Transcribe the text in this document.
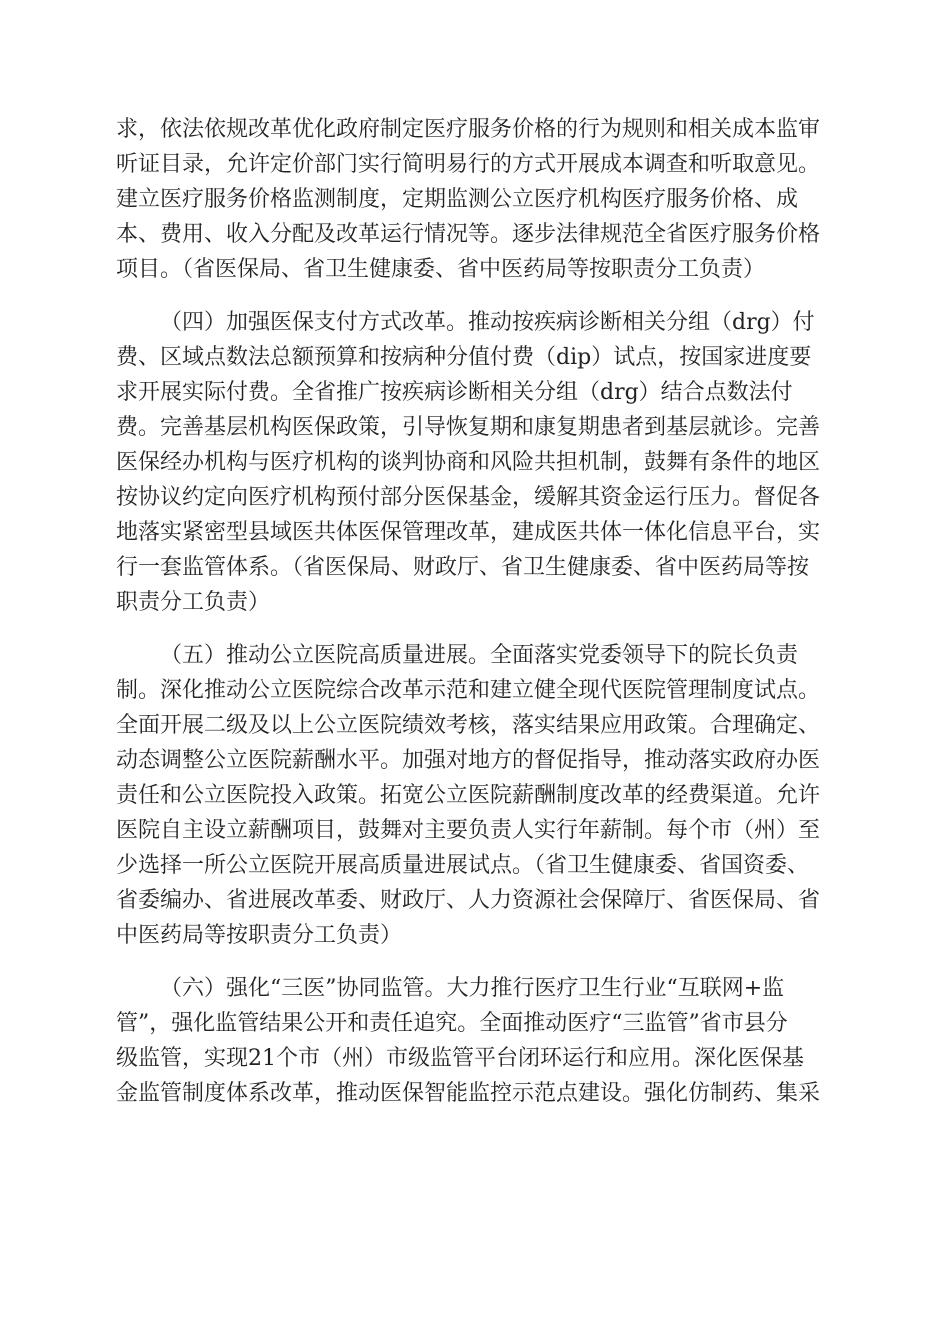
求，依法依规改革优化政府制定医疗服务价格的行为规则和相关成本监审
听证目录，允许定价部门实行简明易行的方式开展成本调查和听取意见。
建立医疗服务价格监测制度，定期监测公立医疗机构医疗服务价格、成
本、费用、收入分配及改革运行情况等。逐步法律规范全省医疗服务价格
项目。（省医保局、省卫生健康委、省中医药局等按职责分工负责）
（四）加强医保支付方式改革。推动按疾病诊断相关分组（drg）付
费、区域点数法总额预算和按病种分值付费（dip）试点，按国家进度要
求开展实际付费。全省推广按疾病诊断相关分组（drg）结合点数法付
费。完善基层机构医保政策，引导恢复期和康复期患者到基层就诊。完善
医保经办机构与医疗机构的谈判协商和风险共担机制，鼓舞有条件的地区
按协议约定向医疗机构预付部分医保基金，缓解其资金运行压力。督促各
地落实紧密型县域医共体医保管理改革，建成医共体一体化信息平台，实
行一套监管体系。（省医保局、财政厅、省卫生健康委、省中医药局等按
职责分工负责）
（五）推动公立医院高质量进展。全面落实党委领导下的院长负责
制。深化推动公立医院综合改革示范和建立健全现代医院管理制度试点。
全面开展二级及以上公立医院绩效考核，落实结果应用政策。合理确定、
动态调整公立医院薪酬水平。加强对地方的督促指导，推动落实政府办医
责任和公立医院投入政策。拓宽公立医院薪酬制度改革的经费渠道。允许
医院自主设立薪酬项目，鼓舞对主要负责人实行年薪制。每个市（州）至
少选择一所公立医院开展高质量进展试点。（省卫生健康委、省国资委、
省委编办、省进展改革委、财政厅、人力资源社会保障厅、省医保局、省
中医药局等按职责分工负责）
（六）强化“三医”协同监管。大力推行医疗卫生行业“互联网+监
管”，强化监管结果公开和责任追究。全面推动医疗“三监管”省市县分
级监管，实现21个市（州）市级监管平台闭环运行和应用。深化医保基
金监管制度体系改革，推动医保智能监控示范点建设。强化仿制药、集采
